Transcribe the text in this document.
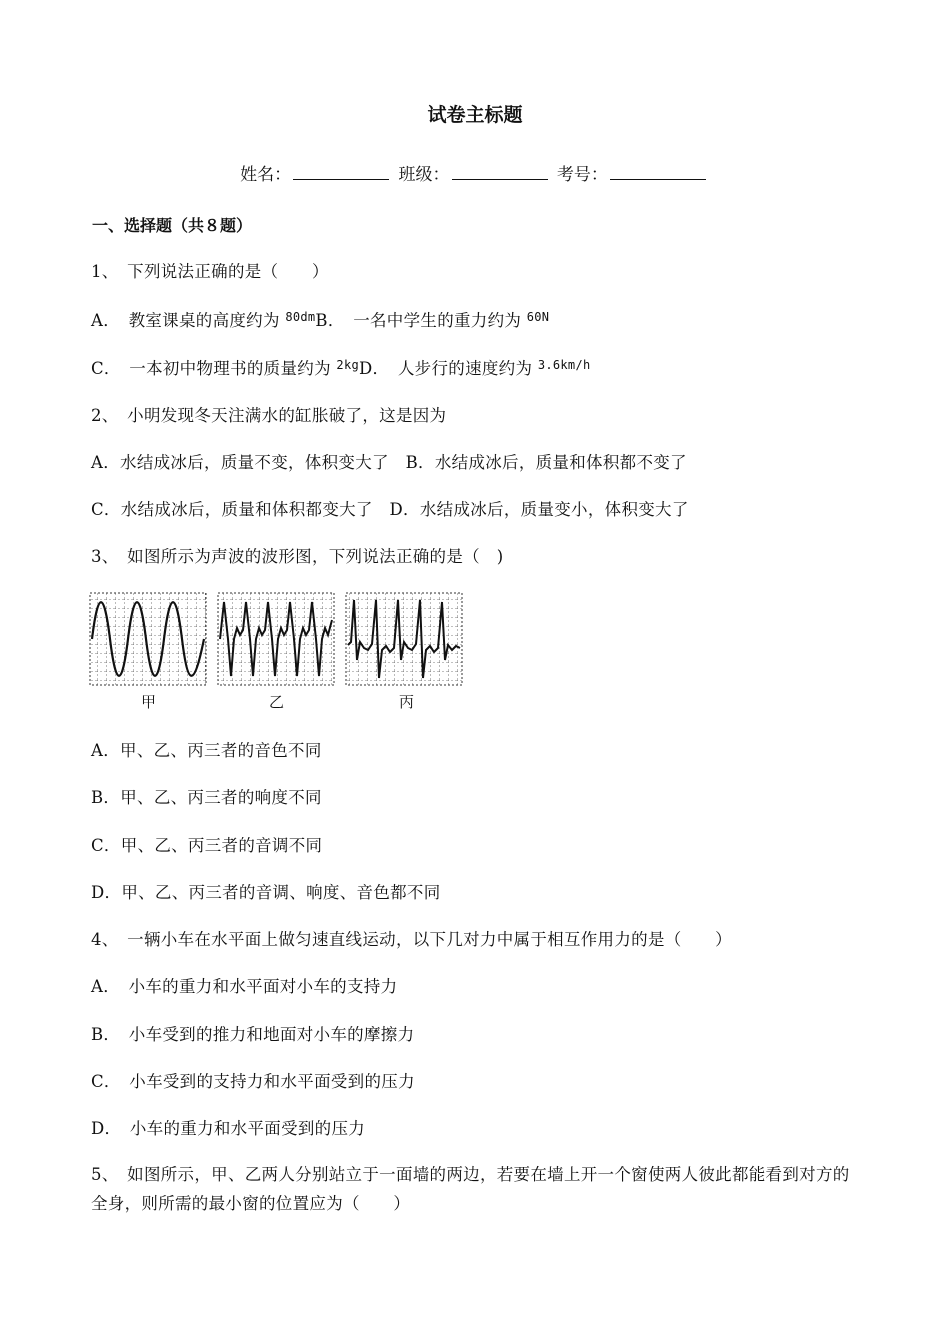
试卷主标题
姓名：	班级：	考号：
一、选择题（共８题）
1、　下列说法正确的是（　　）
A．　教室课桌的高度约为 $^{80dm}$B．　一名中学生的重力约为 $^{60N}$
C．　一本初中物理书的质量约为 $^{2kg}$D．　人步行的速度约为 $^{3.6km/h}$
2、　小明发现冬天注满水的缸胀破了，这是因为
A．水结成冰后，质量不变，体积变大了　B．水结成冰后，质量和体积都不变了
C．水结成冰后，质量和体积都变大了　D．水结成冰后，质量变小，体积变大了
3、　如图所示为声波的波形图，下列说法正确的是（　)
甲	乙	丙
A．甲、乙、丙三者的音色不同
B．甲、乙、丙三者的响度不同
C．甲、乙、丙三者的音调不同
D．甲、乙、丙三者的音调、响度、音色都不同
4、　一辆小车在水平面上做匀速直线运动，以下几对力中属于相互作用力的是（　　）
A．　小车的重力和水平面对小车的支持力
B．　小车受到的推力和地面对小车的摩擦力
C．　小车受到的支持力和水平面受到的压力
D．　小车的重力和水平面受到的压力
5、　如图所示，甲、乙两人分别站立于一面墙的两边，若要在墙上开一个窗使两人彼此都能看到对方的全身，则所需的最小窗的位置应为（　　）
